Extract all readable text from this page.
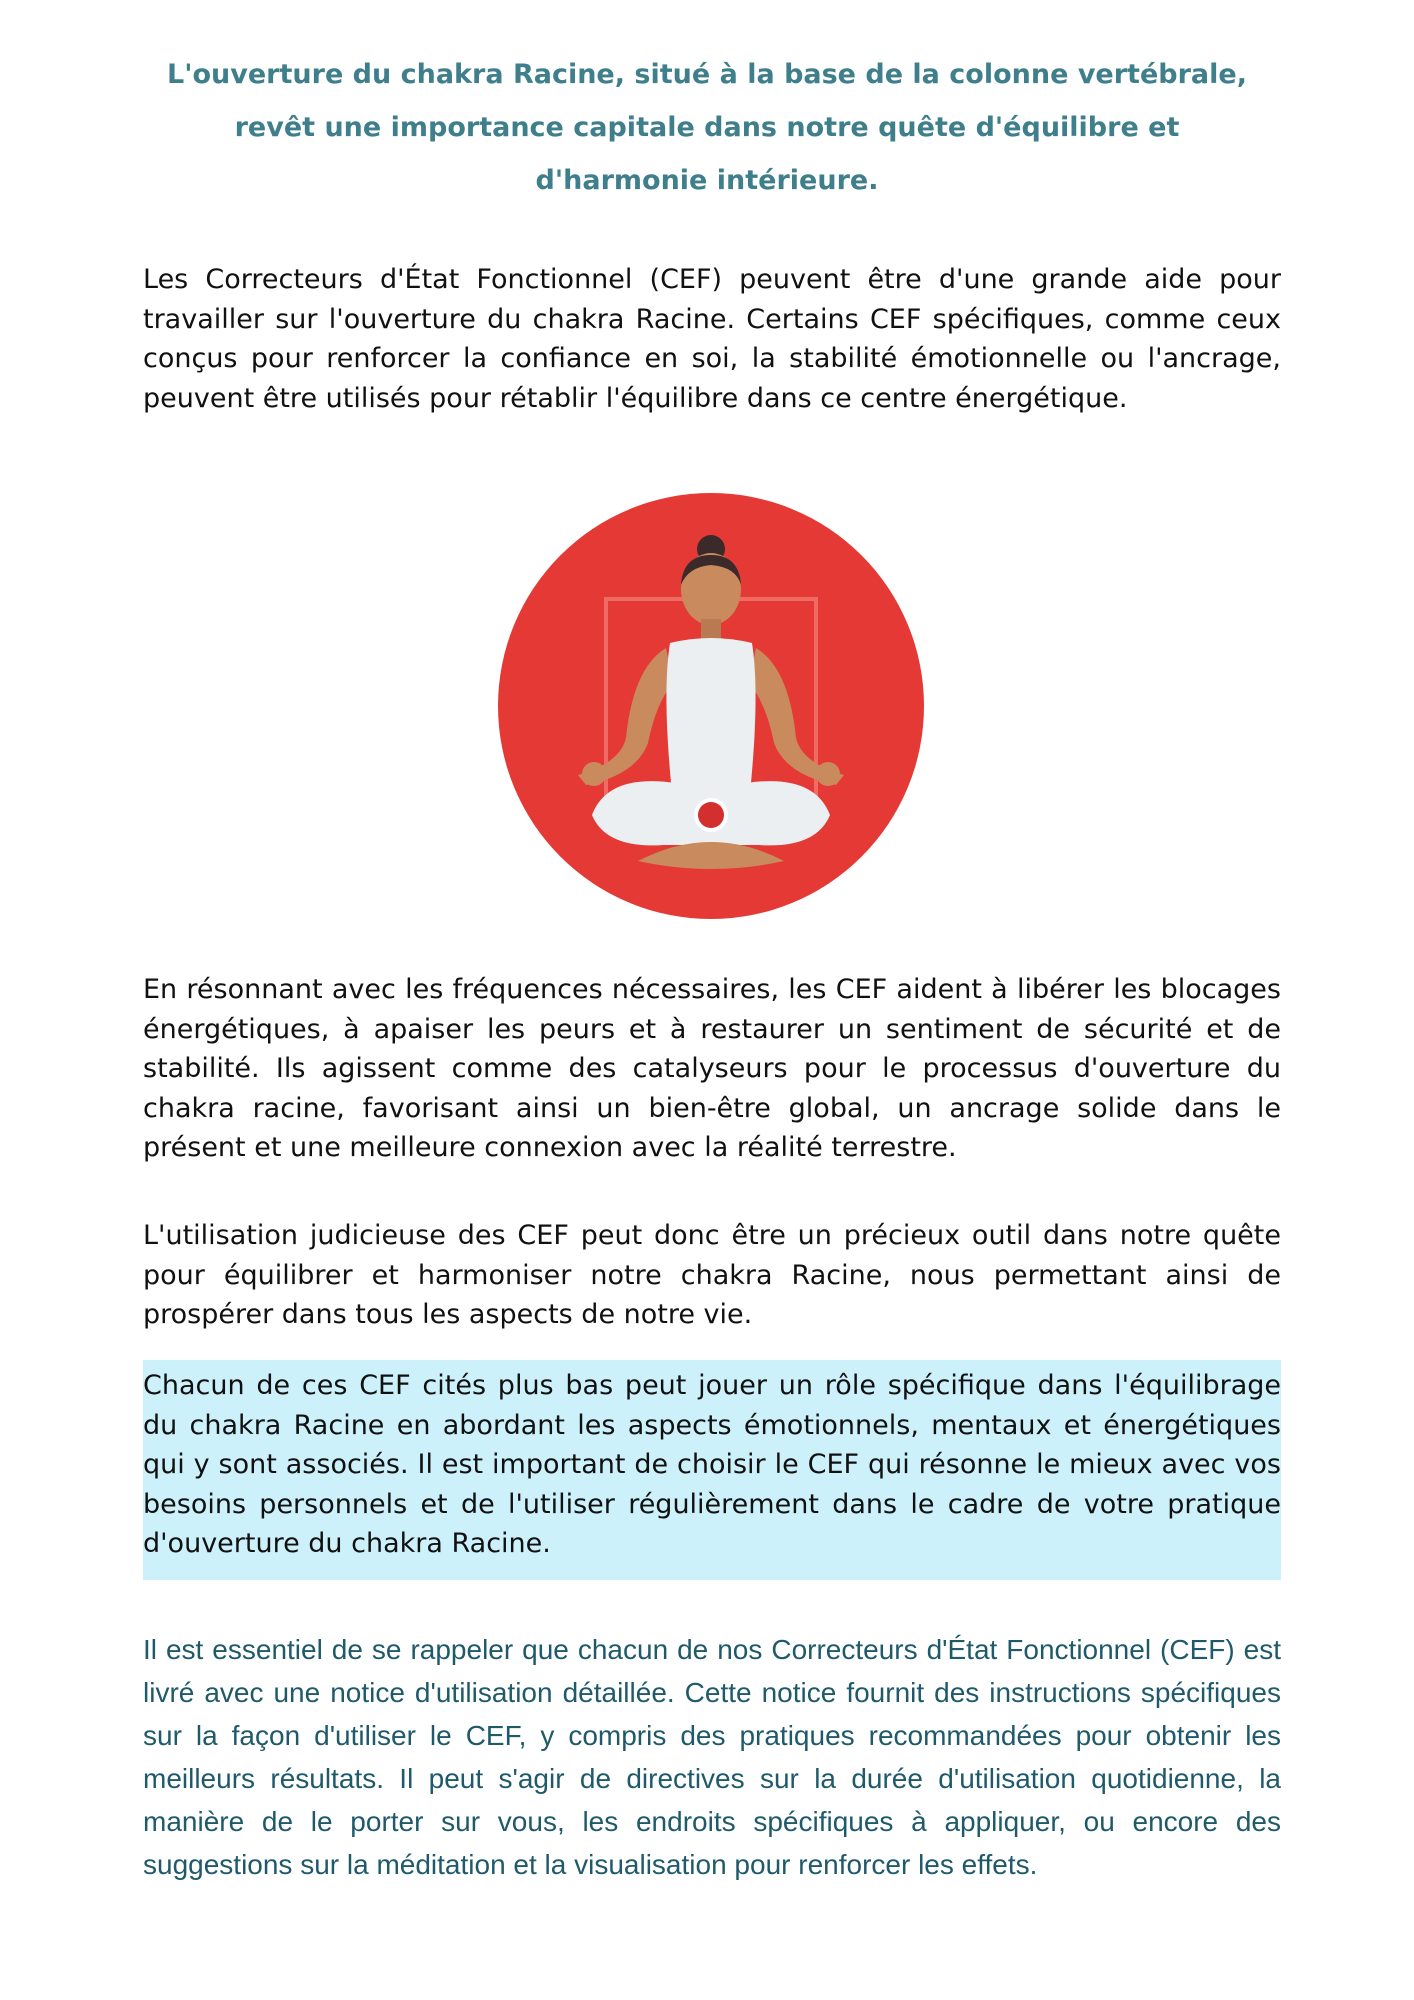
L'ouverture du chakra Racine, situé à la base de la colonne vertébrale, revêt une importance capitale dans notre quête d'équilibre et d'harmonie intérieure.

Les Correcteurs d'État Fonctionnel (CEF) peuvent être d'une grande aide pour travailler sur l'ouverture du chakra Racine. Certains CEF spécifiques, comme ceux conçus pour renforcer la confiance en soi, la stabilité émotionnelle ou l'ancrage, peuvent être utilisés pour rétablir l'équilibre dans ce centre énergétique.

En résonnant avec les fréquences nécessaires, les CEF aident à libérer les blocages énergétiques, à apaiser les peurs et à restaurer un sentiment de sécurité et de stabilité. Ils agissent comme des catalyseurs pour le processus d'ouverture du chakra racine, favorisant ainsi un bien-être global, un ancrage solide dans le présent et une meilleure connexion avec la réalité terrestre.

L'utilisation judicieuse des CEF peut donc être un précieux outil dans notre quête pour équilibrer et harmoniser notre chakra Racine, nous permettant ainsi de prospérer dans tous les aspects de notre vie.

Chacun de ces CEF cités plus bas peut jouer un rôle spécifique dans l'équilibrage du chakra Racine en abordant les aspects émotionnels, mentaux et énergétiques qui y sont associés. Il est important de choisir le CEF qui résonne le mieux avec vos besoins personnels et de l'utiliser régulièrement dans le cadre de votre pratique d'ouverture du chakra Racine.

Il est essentiel de se rappeler que chacun de nos Correcteurs d'État Fonctionnel (CEF) est livré avec une notice d'utilisation détaillée. Cette notice fournit des instructions spécifiques sur la façon d'utiliser le CEF, y compris des pratiques recommandées pour obtenir les meilleurs résultats. Il peut s'agir de directives sur la durée d'utilisation quotidienne, la manière de le porter sur vous, les endroits spécifiques à appliquer, ou encore des suggestions sur la méditation et la visualisation pour renforcer les effets.
